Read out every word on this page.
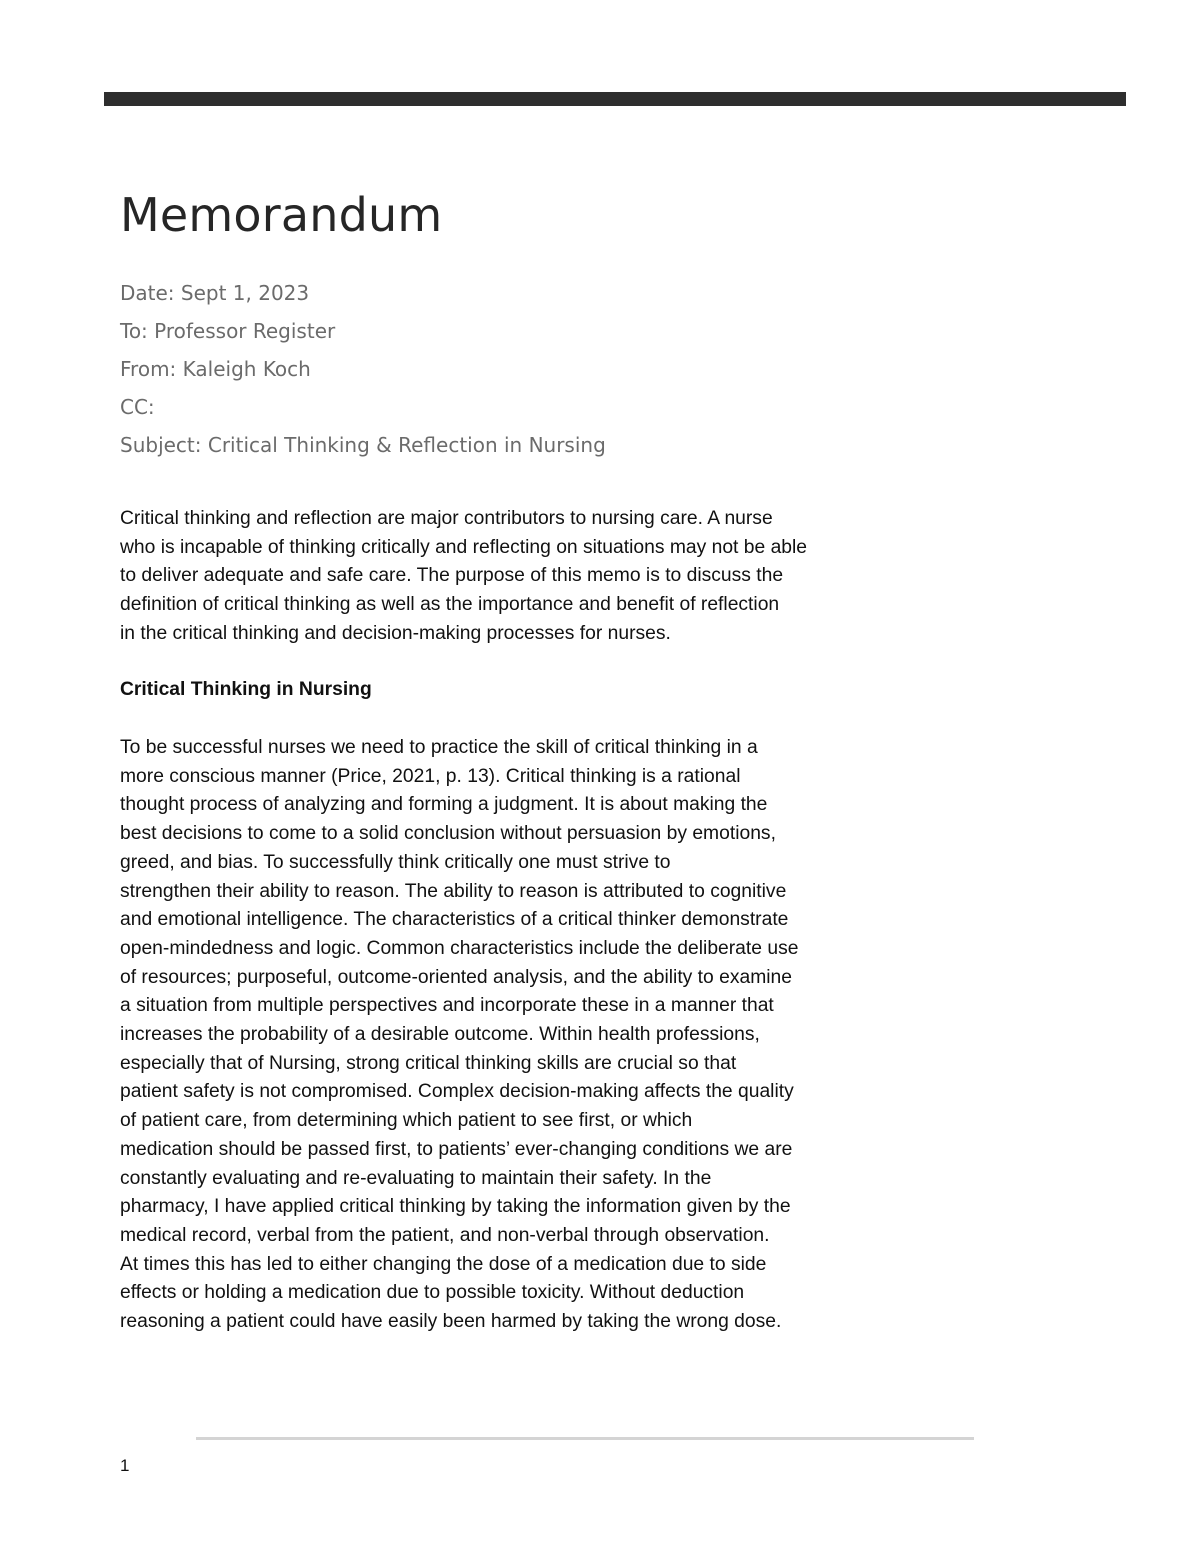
Memorandum
Date: Sept 1, 2023
To: Professor Register
From: Kaleigh Koch
CC:
Subject: Critical Thinking & Reflection in Nursing

Critical thinking and reflection are major contributors to nursing care. A nurse
who is incapable of thinking critically and reflecting on situations may not be able
to deliver adequate and safe care. The purpose of this memo is to discuss the
definition of critical thinking as well as the importance and benefit of reflection
in the critical thinking and decision-making processes for nurses.

Critical Thinking in Nursing

To be successful nurses we need to practice the skill of critical thinking in a
more conscious manner (Price, 2021, p. 13). Critical thinking is a rational
thought process of analyzing and forming a judgment. It is about making the
best decisions to come to a solid conclusion without persuasion by emotions,
greed, and bias. To successfully think critically one must strive to
strengthen their ability to reason. The ability to reason is attributed to cognitive
and emotional intelligence. The characteristics of a critical thinker demonstrate
open-mindedness and logic. Common characteristics include the deliberate use
of resources; purposeful, outcome-oriented analysis, and the ability to examine
a situation from multiple perspectives and incorporate these in a manner that
increases the probability of a desirable outcome. Within health professions,
especially that of Nursing, strong critical thinking skills are crucial so that
patient safety is not compromised. Complex decision-making affects the quality
of patient care, from determining which patient to see first, or which
medication should be passed first, to patients’ ever-changing conditions we are
constantly evaluating and re-evaluating to maintain their safety. In the
pharmacy, I have applied critical thinking by taking the information given by the
medical record, verbal from the patient, and non-verbal through observation.
At times this has led to either changing the dose of a medication due to side
effects or holding a medication due to possible toxicity. Without deduction
reasoning a patient could have easily been harmed by taking the wrong dose.

1
